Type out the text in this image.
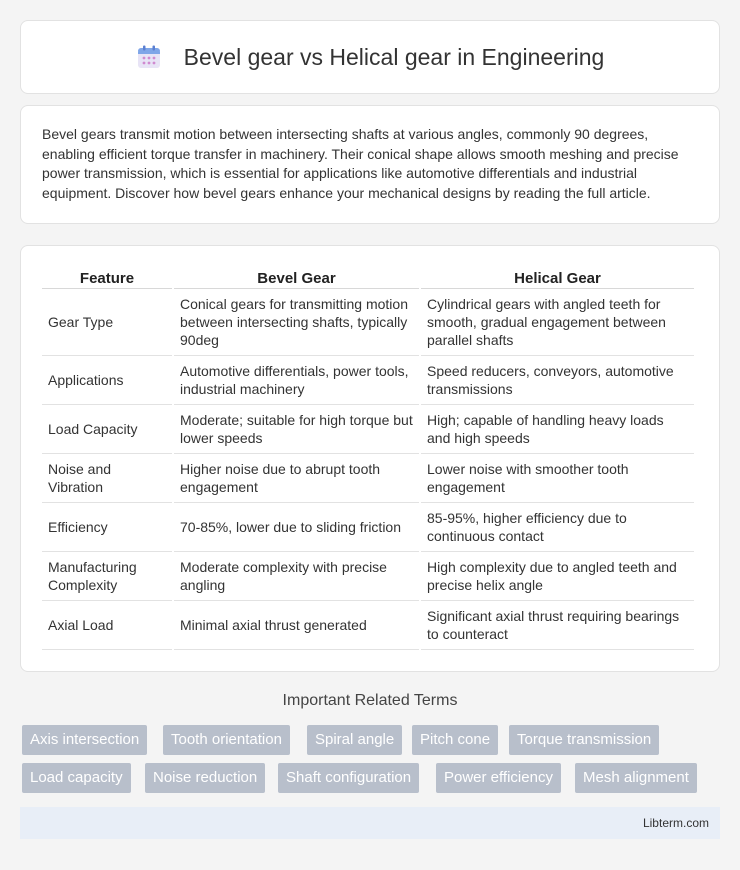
Bevel gear vs Helical gear in Engineering

Bevel gears transmit motion between intersecting shafts at various angles, commonly 90 degrees, enabling efficient torque transfer in machinery. Their conical shape allows smooth meshing and precise power transmission, which is essential for applications like automotive differentials and industrial equipment. Discover how bevel gears enhance your mechanical designs by reading the full article.

Feature	Bevel Gear	Helical Gear
Gear Type	Conical gears for transmitting motion between intersecting shafts, typically 90deg	Cylindrical gears with angled teeth for smooth, gradual engagement between parallel shafts
Applications	Automotive differentials, power tools, industrial machinery	Speed reducers, conveyors, automotive transmissions
Load Capacity	Moderate; suitable for high torque but lower speeds	High; capable of handling heavy loads and high speeds
Noise and Vibration	Higher noise due to abrupt tooth engagement	Lower noise with smoother tooth engagement
Efficiency	70-85%, lower due to sliding friction	85-95%, higher efficiency due to continuous contact
Manufacturing Complexity	Moderate complexity with precise angling	High complexity due to angled teeth and precise helix angle
Axial Load	Minimal axial thrust generated	Significant axial thrust requiring bearings to counteract
Important Related Terms
Axis intersection	Tooth orientation	Spiral angle	Pitch cone	Torque transmission
Load capacity	Noise reduction	Shaft configuration	Power efficiency	Mesh alignment
Libterm.com
